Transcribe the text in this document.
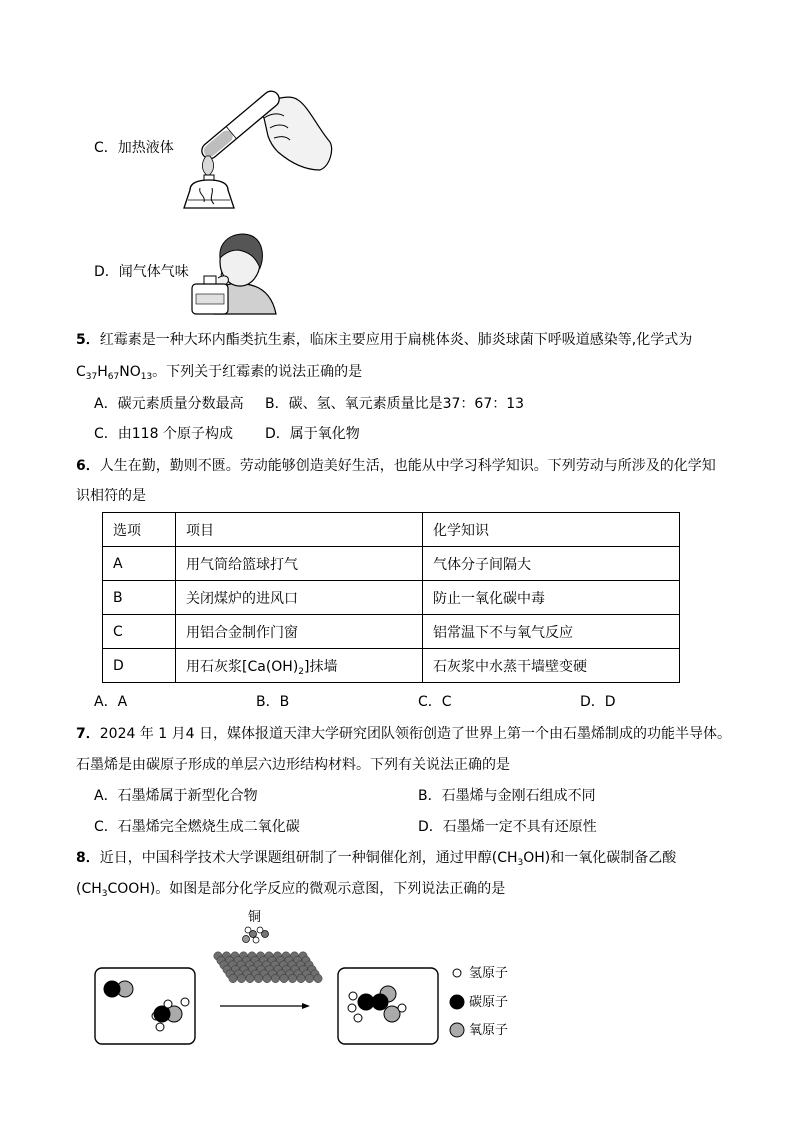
C．加热液体
D．闻气体气味
5．红霉素是一种大环内酯类抗生素，临床主要应用于扁桃体炎、肺炎球菌下呼吸道感染等,化学式为
$C_{37}H_{67}NO_{13}$。下列关于红霉素的说法正确的是
A．碳元素质量分数最高 B．碳、氢、氧元素质量比是37：67：13
C．由118 个原子构成 D．属于氧化物
6．人生在勤，勤则不匮。劳动能够创造美好生活，也能从中学习科学知识。下列劳动与所涉及的化学知
识相符的是
选项	项目	化学知识
A	用气筒给篮球打气	气体分子间隔大
B	关闭煤炉的进风口	防止一氧化碳中毒
C	用铝合金制作门窗	铝常温下不与氧气反应
D	用石灰浆$[Ca(OH)_2]$抹墙	石灰浆中水蒸干墙壁变硬
A．A	B．B	C．C	D．D
7．2024 年 1 月4 日，媒体报道天津大学研究团队领衔创造了世界上第一个由石墨烯制成的功能半导体。
石墨烯是由碳原子形成的单层六边形结构材料。下列有关说法正确的是
A．石墨烯属于新型化合物	B．石墨烯与金刚石组成不同
C．石墨烯完全燃烧生成二氧化碳	D．石墨烯一定不具有还原性
8．近日，中国科学技术大学课题组研制了一种铜催化剂，通过甲醇$(CH_3OH)$和一氧化碳制备乙酸
$(CH_3COOH)$。如图是部分化学反应的微观示意图，下列说法正确的是
铜
氢原子
碳原子
氧原子
